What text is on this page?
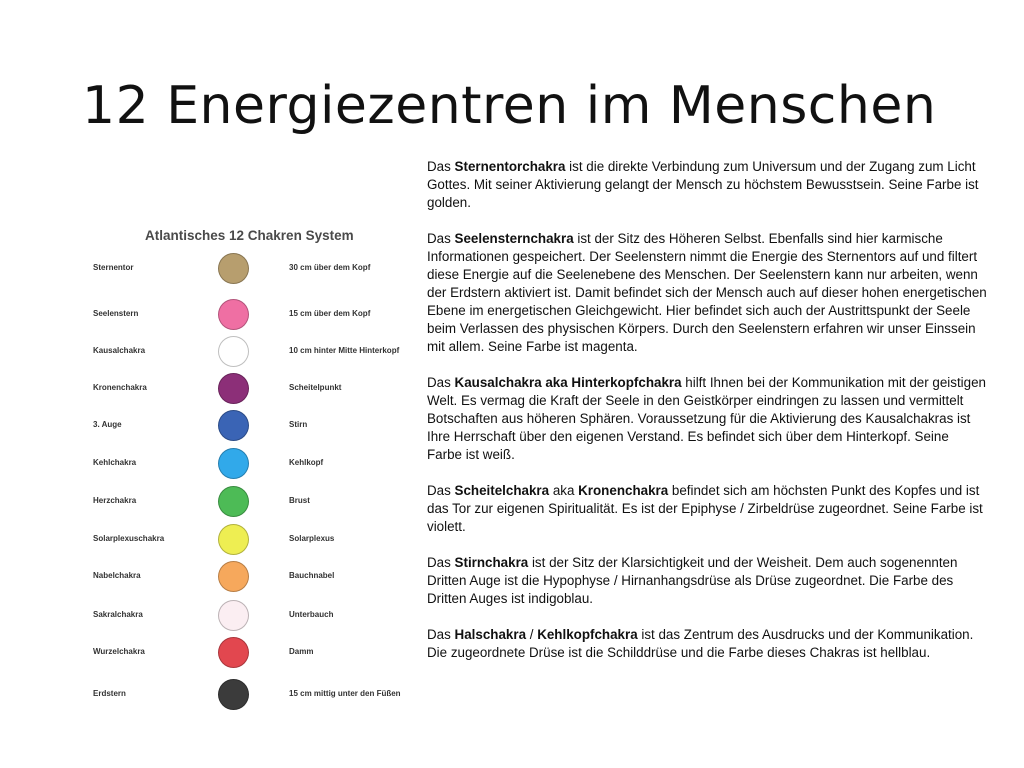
12 Energiezentren im Menschen
Atlantisches 12 Chakren System
Sternentor	30 cm über dem Kopf
Seelenstern	15 cm über dem Kopf
Kausalchakra	10 cm hinter Mitte Hinterkopf
Kronenchakra	Scheitelpunkt
3. Auge	Stirn
Kehlchakra	Kehlkopf
Herzchakra	Brust
Solarplexuschakra	Solarplexus
Nabelchakra	Bauchnabel
Sakralchakra	Unterbauch
Wurzelchakra	Damm
Erdstern	15 cm mittig unter den Füßen

Das Sternentorchakra ist die direkte Verbindung zum Universum und der Zugang zum Licht Gottes. Mit seiner Aktivierung gelangt der Mensch zu höchstem Bewusstsein. Seine Farbe ist golden.

Das Seelensternchakra ist der Sitz des Höheren Selbst. Ebenfalls sind hier karmische Informationen gespeichert. Der Seelenstern nimmt die Energie des Sternentors auf und filtert diese Energie auf die Seelenebene des Menschen. Der Seelenstern kann nur arbeiten, wenn der Erdstern aktiviert ist. Damit befindet sich der Mensch auch auf dieser hohen energetischen Ebene im energetischen Gleichgewicht. Hier befindet sich auch der Austrittspunkt der Seele beim Verlassen des physischen Körpers. Durch den Seelenstern erfahren wir unser Einssein mit allem. Seine Farbe ist magenta.

Das Kausalchakra aka Hinterkopfchakra hilft Ihnen bei der Kommunikation mit der geistigen Welt. Es vermag die Kraft der Seele in den Geistkörper eindringen zu lassen und vermittelt Botschaften aus höheren Sphären. Voraussetzung für die Aktivierung des Kausalchakras ist Ihre Herrschaft über den eigenen Verstand. Es befindet sich über dem Hinterkopf. Seine Farbe ist weiß.

Das Scheitelchakra aka Kronenchakra befindet sich am höchsten Punkt des Kopfes und ist das Tor zur eigenen Spiritualität. Es ist der Epiphyse / Zirbeldrüse zugeordnet. Seine Farbe ist violett.

Das Stirnchakra ist der Sitz der Klarsichtigkeit und der Weisheit. Dem auch sogenennten Dritten Auge ist die Hypophyse / Hirnanhangsdrüse als Drüse zugeordnet. Die Farbe des Dritten Auges ist indigoblau.

Das Halschakra / Kehlkopfchakra ist das Zentrum des Ausdrucks und der Kommunikation. Die zugeordnete Drüse ist die Schilddrüse und die Farbe dieses Chakras ist hellblau.
